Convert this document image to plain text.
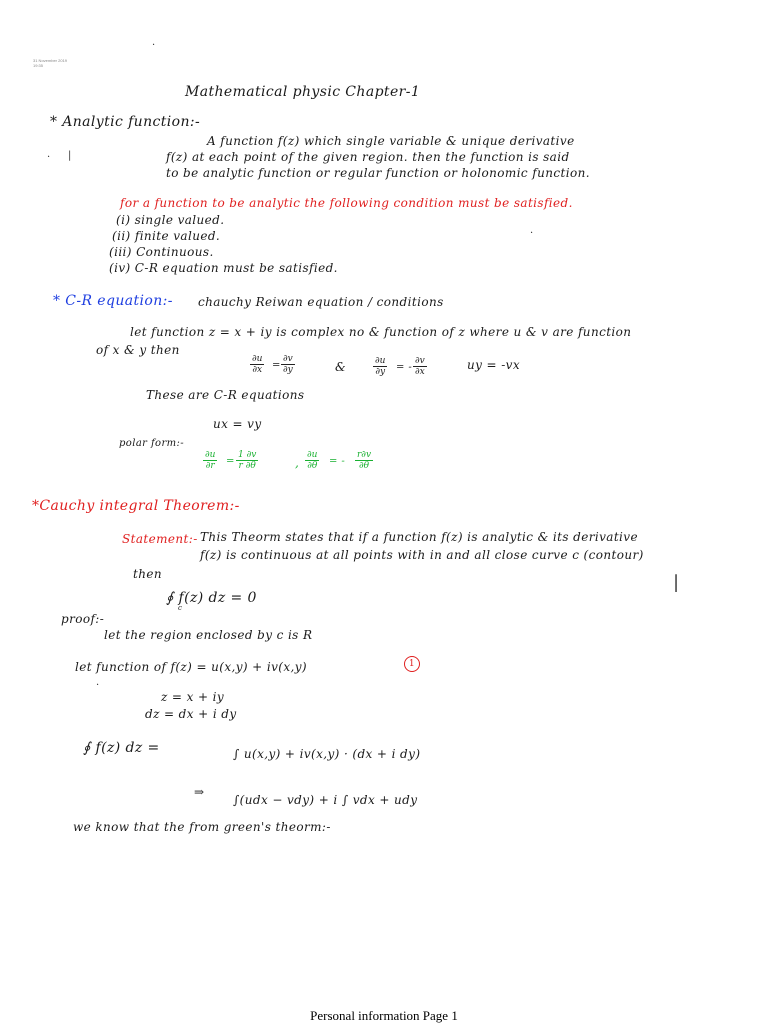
31 November 2019
19:35
·
Mathematical physic Chapter-1
* Analytic function:-
A function f(z) which single variable & unique derivative
· |	f(z) at each point of the given region. then the function is said
to be analytic function or regular function or holonomic function.
for a function to be analytic the following condition must be satisfied.
(i) single valued.
(ii) finite valued.	·
(iii) Continuous.
(iv) C-R equation must be satisfied.
* C-R equation:- chauchy Reiwan equation / conditions
let function z = x + iy is complex no & function of z where u & v are function
of x & y then
$\frac{\partial u}{\partial x} = \frac{\partial v}{\partial y}$	&	$\frac{\partial u}{\partial y}$ = - $\frac{\partial v}{\partial x}$	uy = -vx
These are C-R equations
ux = vy
polar form:-
$\frac{\partial u}{\partial r} = \frac{1 \partial v}{r \partial\theta}$	, $\frac{\partial u}{\partial\theta}$ = - $\frac{r\partial v}{\partial\theta}$
*Cauchy integral Theorem:-
Statement:- This Theorm states that if a function f(z) is analytic & its derivative
f(z) is continuous at all points with in and all close curve c (contour)
then	|
∮ f(z) dz = 0
c
proof:-
let the region enclosed by c is R
let function of f(z) = u(x,y) + iv(x,y)	1
·
z = x + iy
dz = dx + i dy
∮ f(z) dz =	∫ u(x,y) + iv(x,y) · (dx + i dy)
⇒
∫(udx − vdy) + i ∫ vdx + udy
we know that the from green's theorm:-
Personal information Page 1
